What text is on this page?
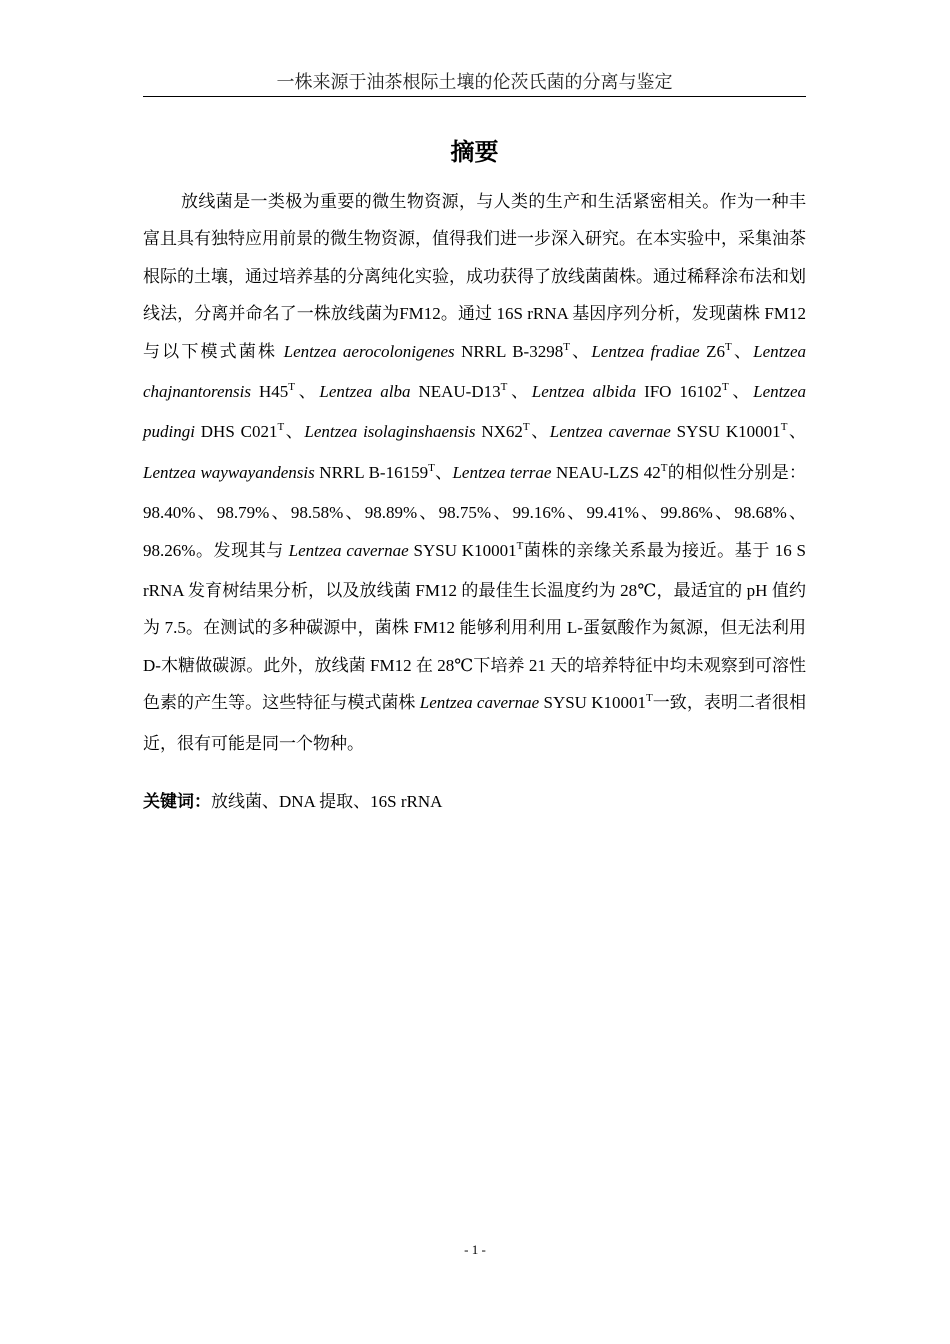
一株来源于油茶根际土壤的伦茨氏菌的分离与鉴定
摘要

放线菌是一类极为重要的微生物资源，与人类的生产和生活紧密相关。作为一种丰富且具有独特应用前景的微生物资源，值得我们进一步深入研究。在本实验中，采集油茶根际的土壤，通过培养基的分离纯化实验，成功获得了放线菌菌株。通过稀释涂布法和划线法，分离并命名了一株放线菌为FM12。通过 16S rRNA 基因序列分析，发现菌株 FM12 与以下模式菌株 Lentzea aerocolonigenes NRRL $B-3298^T$、Lentzea fradiae $Z6^T$、Lentzea chajnantorensis $H45^T$、Lentzea alba NEAU-$D13^T$、Lentzea albida IFO $16102^T$、Lentzea pudingi DHS $C021^T$、Lentzea isolaginshaensis $NX62^T$、Lentzea cavernae SYSU $K10001^T$、Lentzea waywayandensis NRRL $B-16159^T$、Lentzea terrae NEAU-LZS $42^T$的相似性分别是：98.40%、98.79%、98.58%、98.89%、98.75%、99.16%、99.41%、99.86%、98.68%、98.26%。发现其与 Lentzea cavernae SYSU $K10001^T$菌株的亲缘关系最为接近。基于 16 S rRNA 发育树结果分析，以及放线菌 FM12 的最佳生长温度约为 28℃，最适宜的 pH 值约为 7.5。在测试的多种碳源中，菌株 FM12 能够利用利用 L-蛋氨酸作为氮源，但无法利用 D-木糖做碳源。此外，放线菌 FM12 在 28℃下培养 21 天的培养特征中均未观察到可溶性色素的产生等。这些特征与模式菌株 Lentzea cavernae SYSU $K10001^T$一致，表明二者很相近，很有可能是同一个物种。

关键词：放线菌、DNA 提取、16S rRNA

- 1 -
